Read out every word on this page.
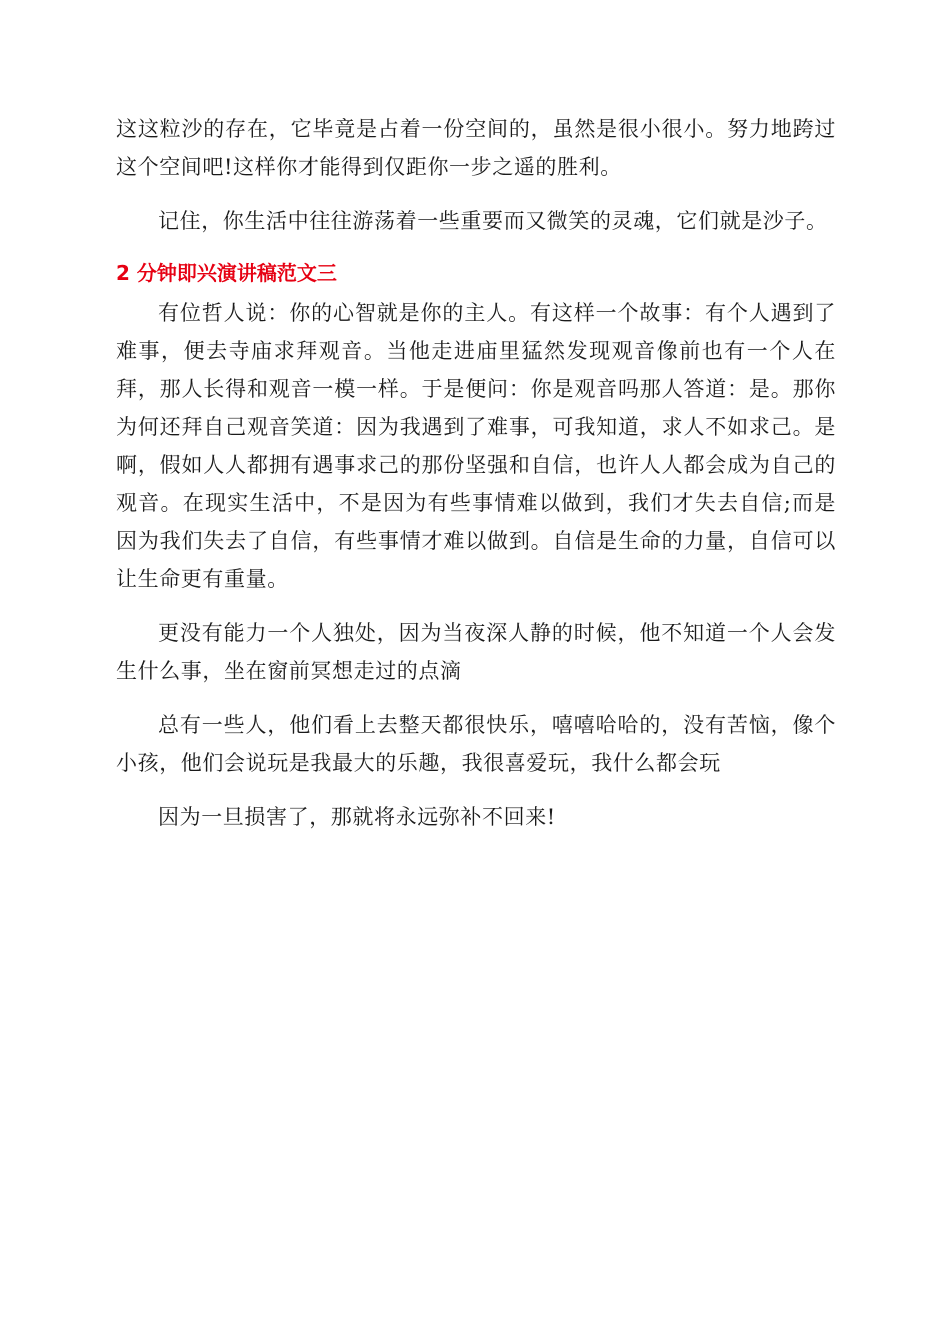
这这粒沙的存在，它毕竟是占着一份空间的，虽然是很小很小。努力地跨过这个空间吧!这样你才能得到仅距你一步之遥的胜利。

记住，你生活中往往游荡着一些重要而又微笑的灵魂，它们就是沙子。

2 分钟即兴演讲稿范文三

有位哲人说：你的心智就是你的主人。有这样一个故事：有个人遇到了难事，便去寺庙求拜观音。当他走进庙里猛然发现观音像前也有一个人在拜，那人长得和观音一模一样。于是便问：你是观音吗那人答道：是。那你为何还拜自己观音笑道：因为我遇到了难事，可我知道，求人不如求己。是啊，假如人人都拥有遇事求己的那份坚强和自信，也许人人都会成为自己的观音。在现实生活中，不是因为有些事情难以做到，我们才失去自信;而是因为我们失去了自信，有些事情才难以做到。自信是生命的力量，自信可以让生命更有重量。

更没有能力一个人独处，因为当夜深人静的时候，他不知道一个人会发生什么事，坐在窗前冥想走过的点滴

总有一些人，他们看上去整天都很快乐，嘻嘻哈哈的，没有苦恼，像个小孩，他们会说玩是我最大的乐趣，我很喜爱玩，我什么都会玩

因为一旦损害了，那就将永远弥补不回来!
